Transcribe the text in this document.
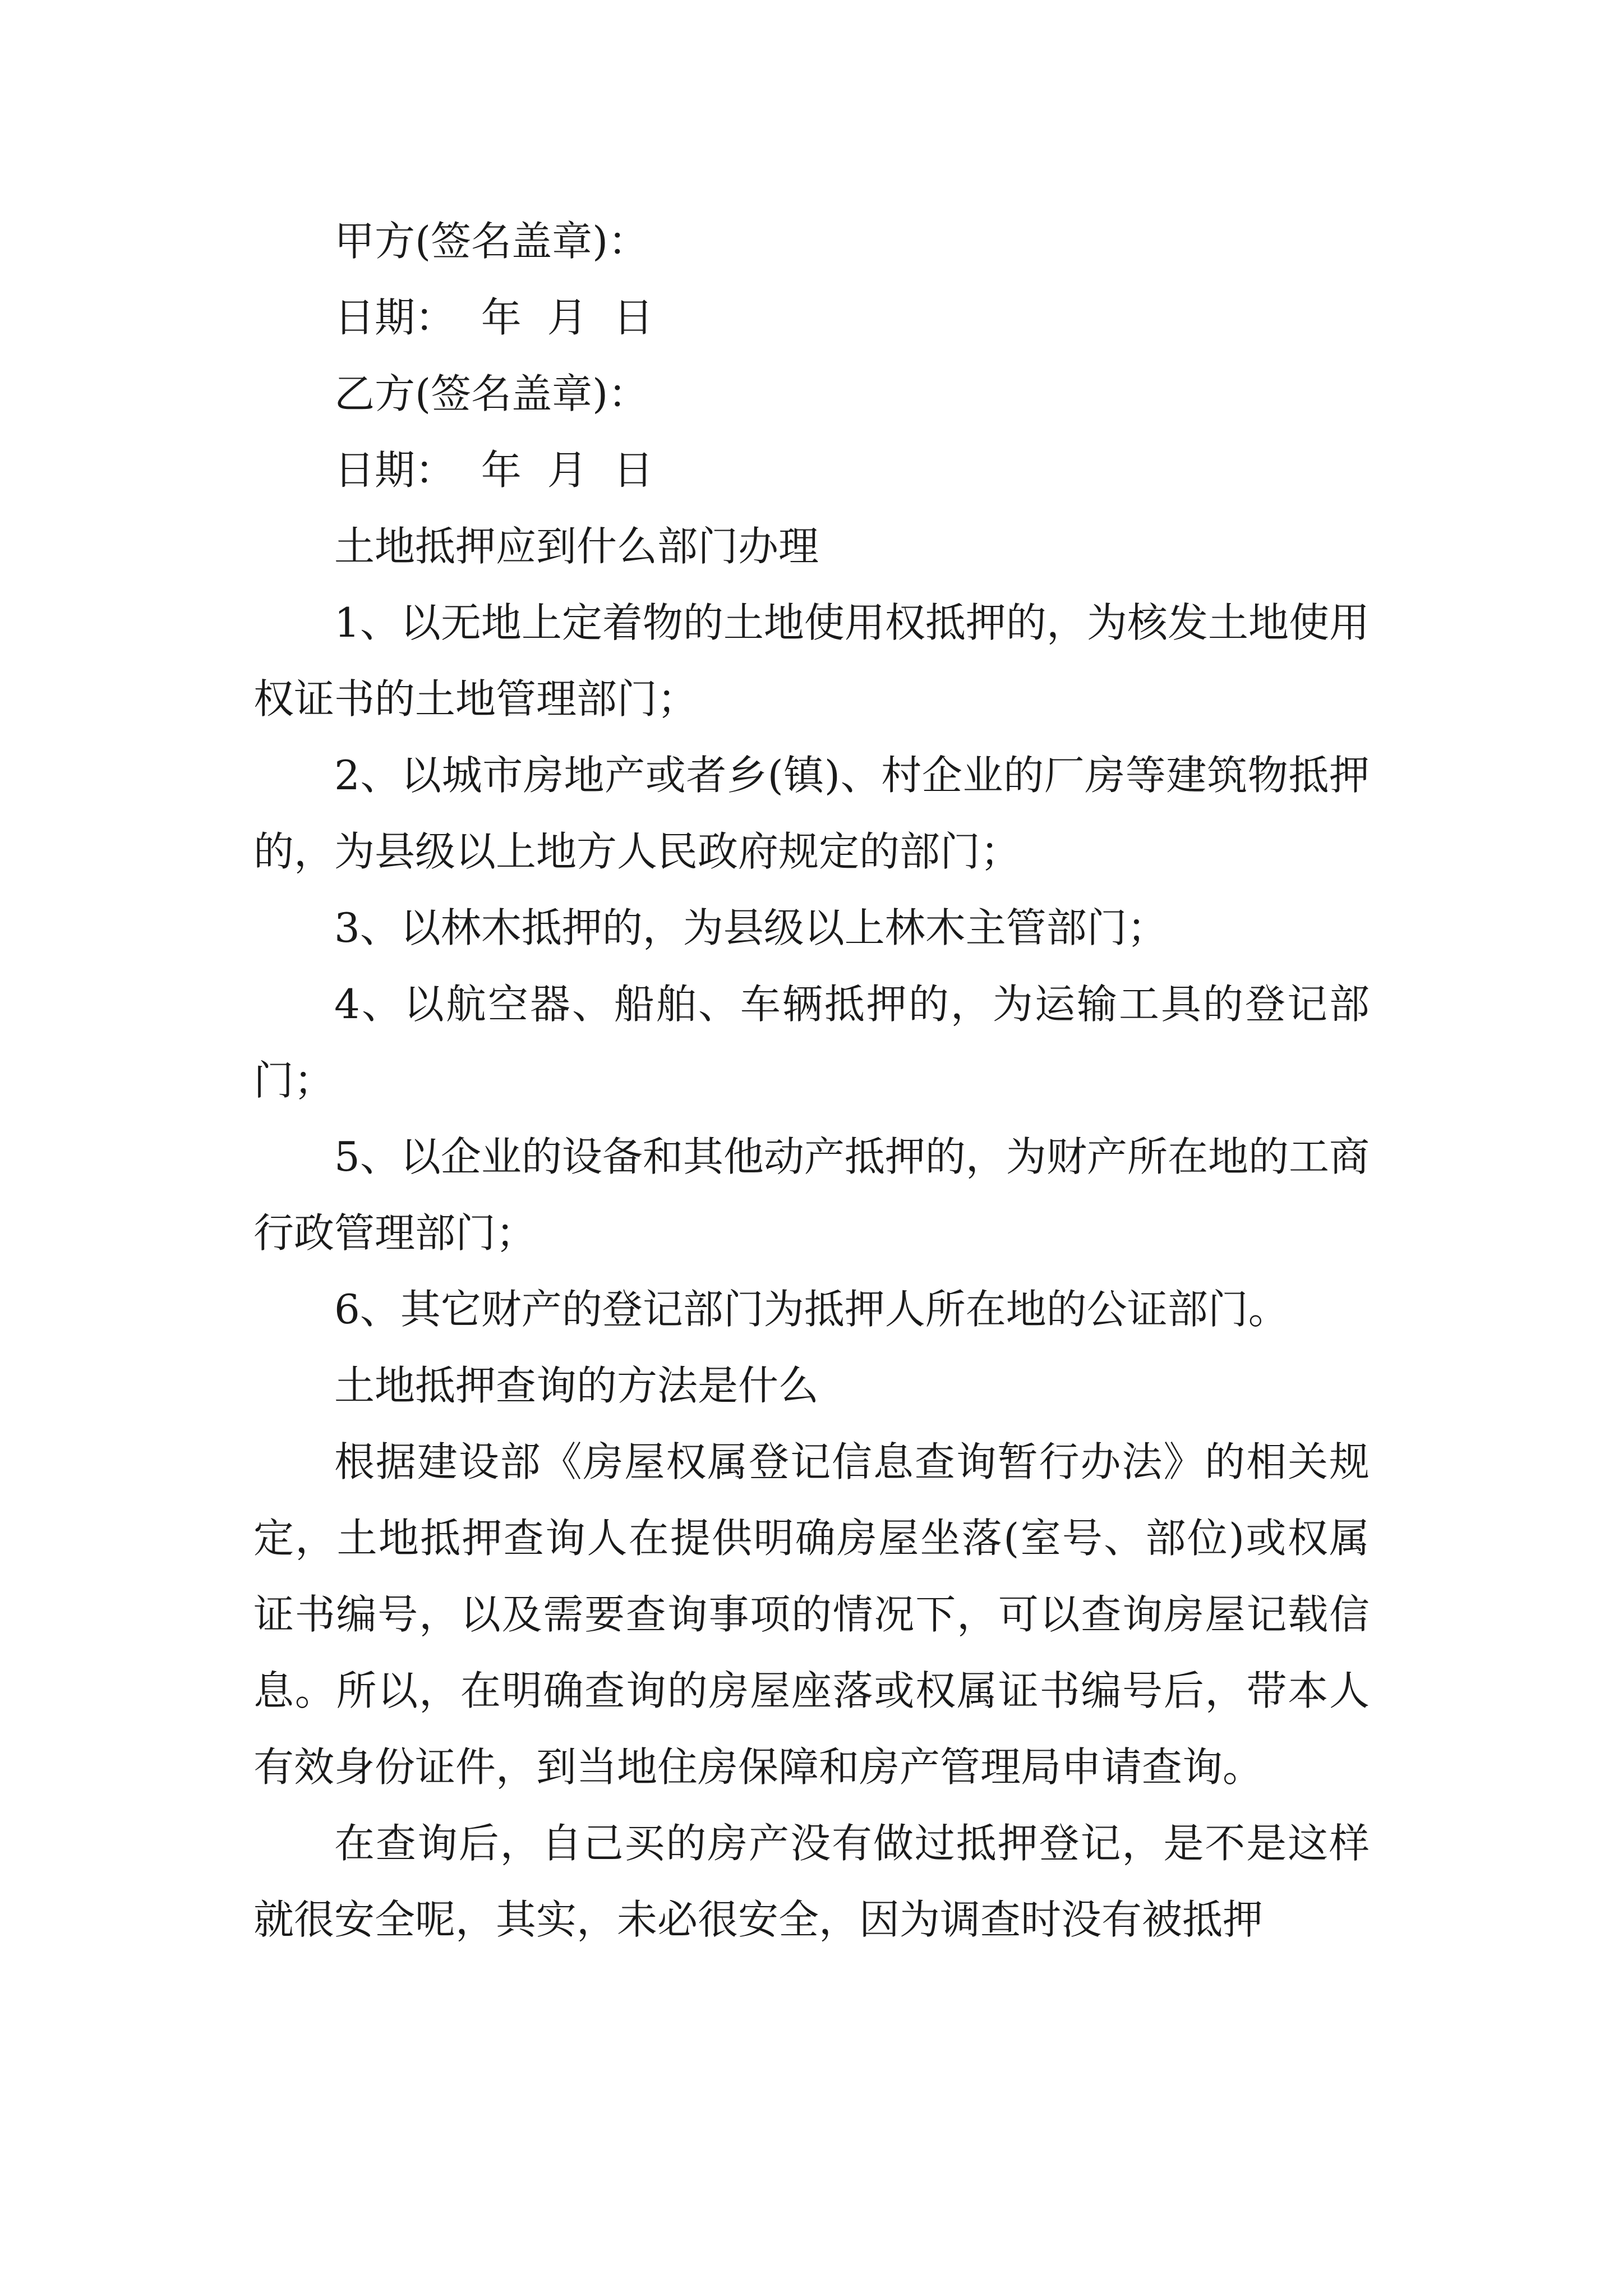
甲方(签名盖章)：
日期：  年  月  日
乙方(签名盖章)：
日期：  年  月  日

土地抵押应到什么部门办理

1、以无地上定着物的土地使用权抵押的，为核发土地使用权证书的土地管理部门；

2、以城市房地产或者乡(镇)、村企业的厂房等建筑物抵押的，为县级以上地方人民政府规定的部门；

3、以林木抵押的，为县级以上林木主管部门；

4、以航空器、船舶、车辆抵押的，为运输工具的登记部门；

5、以企业的设备和其他动产抵押的，为财产所在地的工商行政管理部门；

6、其它财产的登记部门为抵押人所在地的公证部门。

土地抵押查询的方法是什么

根据建设部《房屋权属登记信息查询暂行办法》的相关规定，土地抵押查询人在提供明确房屋坐落(室号、部位)或权属证书编号，以及需要查询事项的情况下，可以查询房屋记载信息。所以，在明确查询的房屋座落或权属证书编号后，带本人有效身份证件，到当地住房保障和房产管理局申请查询。

在查询后，自己买的房产没有做过抵押登记，是不是这样就很安全呢，其实，未必很安全，因为调查时没有被抵押
